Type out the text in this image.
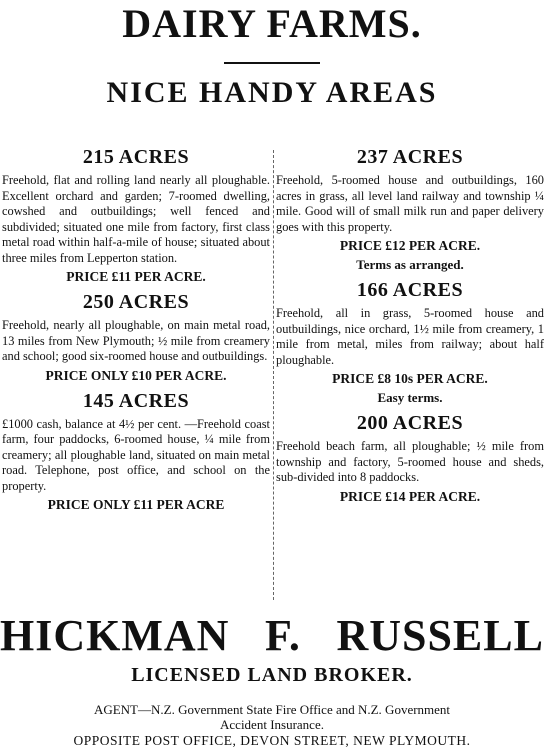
DAIRY FARMS.
NICE HANDY AREAS
215 ACRES

Freehold, flat and rolling land nearly all ploughable. Excellent orchard and garden; 7-roomed dwelling, cowshed and outbuildings; well fenced and subdivided; situated one mile from factory, first class metal road within half-a-mile of house; situated about three miles from Lepperton station.

PRICE £11 PER ACRE.
250 ACRES

Freehold, nearly all ploughable, on main metal road, 13 miles from New Plymouth; ½ mile from creamery and school; good six-roomed house and outbuildings.

PRICE ONLY £10 PER ACRE.
145 ACRES

£1000 cash, balance at 4½ per cent. —Freehold coast farm, four paddocks, 6-roomed house, ¼ mile from creamery; all ploughable land, situated on main metal road. Telephone, post office, and school on the property.

PRICE ONLY £11 PER ACRE
237 ACRES

Freehold, 5-roomed house and outbuildings, 160 acres in grass, all level land railway and township ¼ mile. Good will of small milk run and paper delivery goes with this property.

PRICE £12 PER ACRE.
Terms as arranged.
166 ACRES

Freehold, all in grass, 5-roomed house and outbuildings, nice orchard, 1½ mile from creamery, 1 mile from metal, miles from railway; about half ploughable.

PRICE £8 10s PER ACRE.
Easy terms.
200 ACRES

Freehold beach farm, all ploughable; ½ mile from township and factory, 5-roomed house and sheds, sub-divided into 8 paddocks.

PRICE £14 PER ACRE.
HICKMAN F. RUSSELL
LICENSED LAND BROKER.
AGENT—N.Z. Government State Fire Office and N.Z. Government
Accident Insurance.
OPPOSITE POST OFFICE, DEVON STREET, NEW PLYMOUTH.
